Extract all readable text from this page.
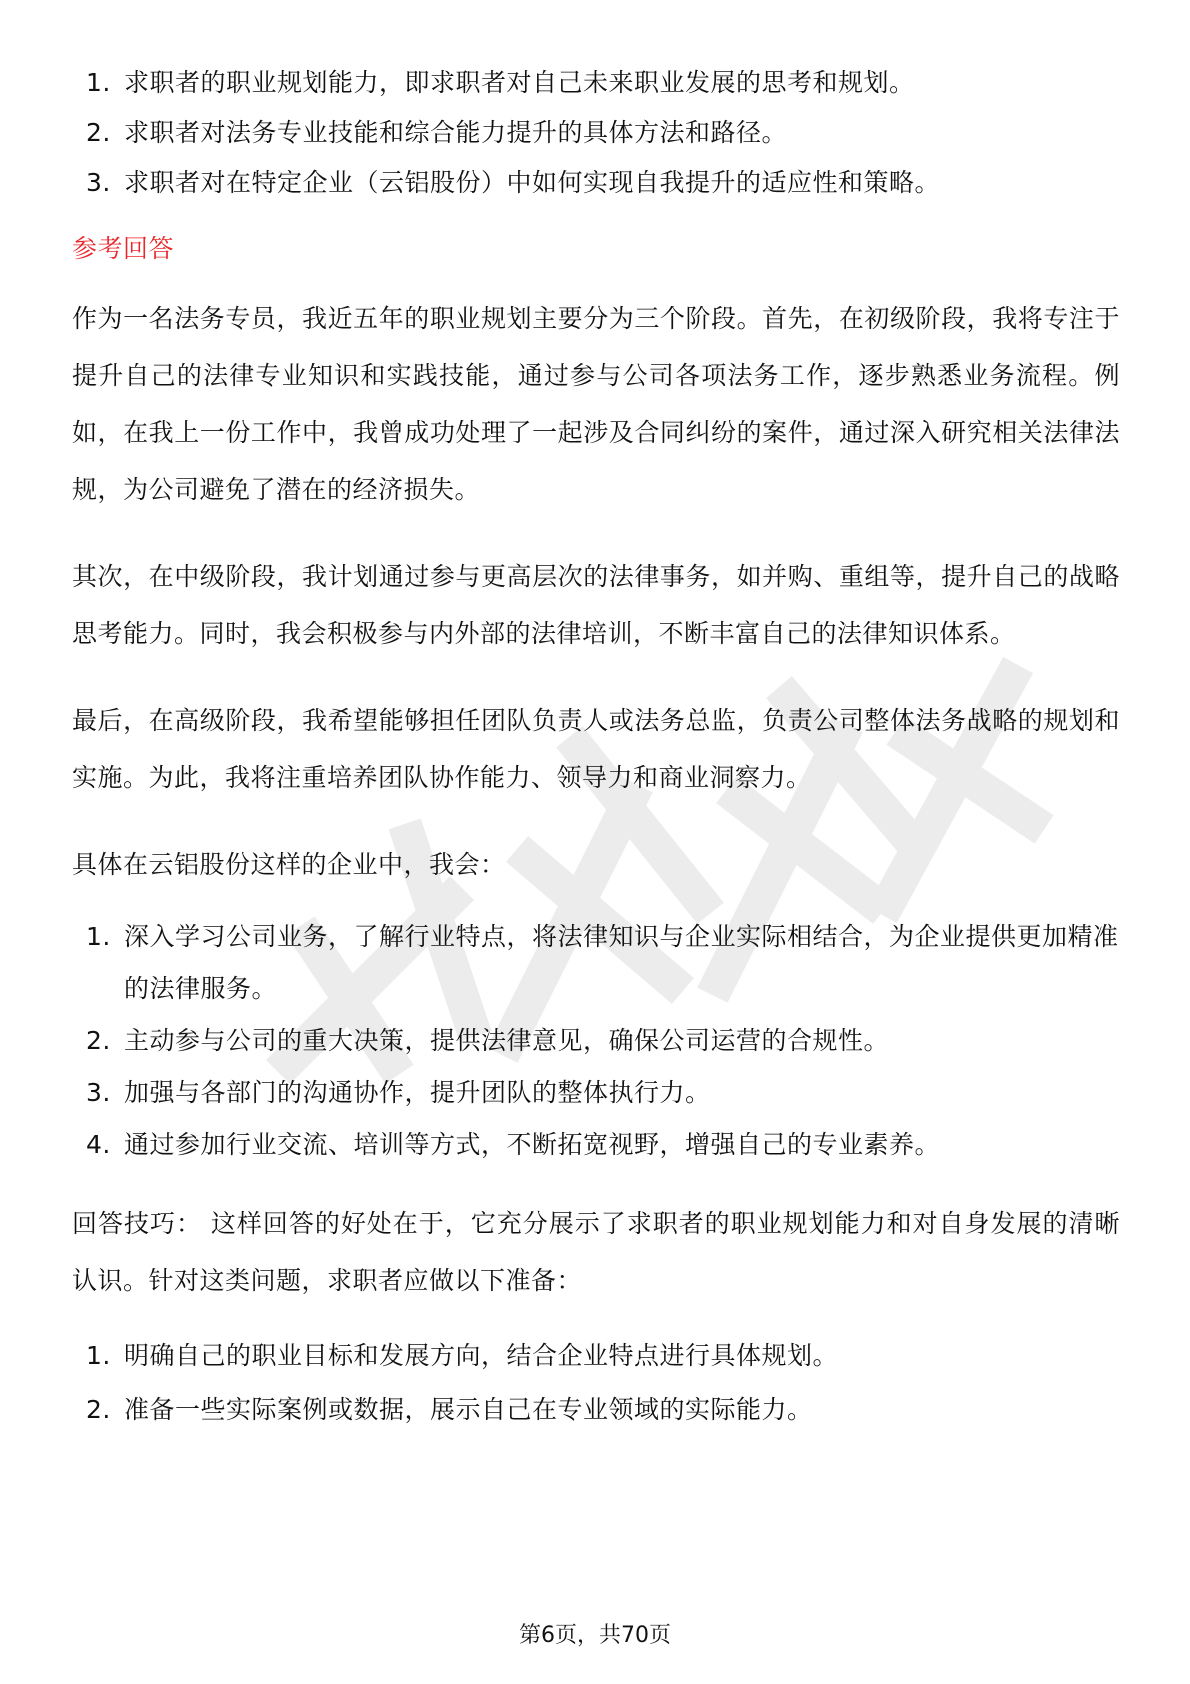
1. 求职者的职业规划能力，即求职者对自己未来职业发展的思考和规划。
2. 求职者对法务专业技能和综合能力提升的具体方法和路径。
3. 求职者对在特定企业（云铝股份）中如何实现自我提升的适应性和策略。
参考回答

作为一名法务专员，我近五年的职业规划主要分为三个阶段。首先，在初级阶段，我将专注于提升自己的法律专业知识和实践技能，通过参与公司各项法务工作，逐步熟悉业务流程。例如，在我上一份工作中，我曾成功处理了一起涉及合同纠纷的案件，通过深入研究相关法律法规，为公司避免了潜在的经济损失。

其次，在中级阶段，我计划通过参与更高层次的法律事务，如并购、重组等，提升自己的战略思考能力。同时，我会积极参与内外部的法律培训，不断丰富自己的法律知识体系。

最后，在高级阶段，我希望能够担任团队负责人或法务总监，负责公司整体法务战略的规划和实施。为此，我将注重培养团队协作能力、领导力和商业洞察力。

具体在云铝股份这样的企业中，我会：

1. 深入学习公司业务，了解行业特点，将法律知识与企业实际相结合，为企业提供更加精准的法律服务。
2. 主动参与公司的重大决策，提供法律意见，确保公司运营的合规性。
3. 加强与各部门的沟通协作，提升团队的整体执行力。
4. 通过参加行业交流、培训等方式，不断拓宽视野，增强自己的专业素养。

回答技巧： 这样回答的好处在于，它充分展示了求职者的职业规划能力和对自身发展的清晰认识。针对这类问题，求职者应做以下准备：

1. 明确自己的职业目标和发展方向，结合企业特点进行具体规划。
2. 准备一些实际案例或数据，展示自己在专业领域的实际能力。
第6页，共70页
